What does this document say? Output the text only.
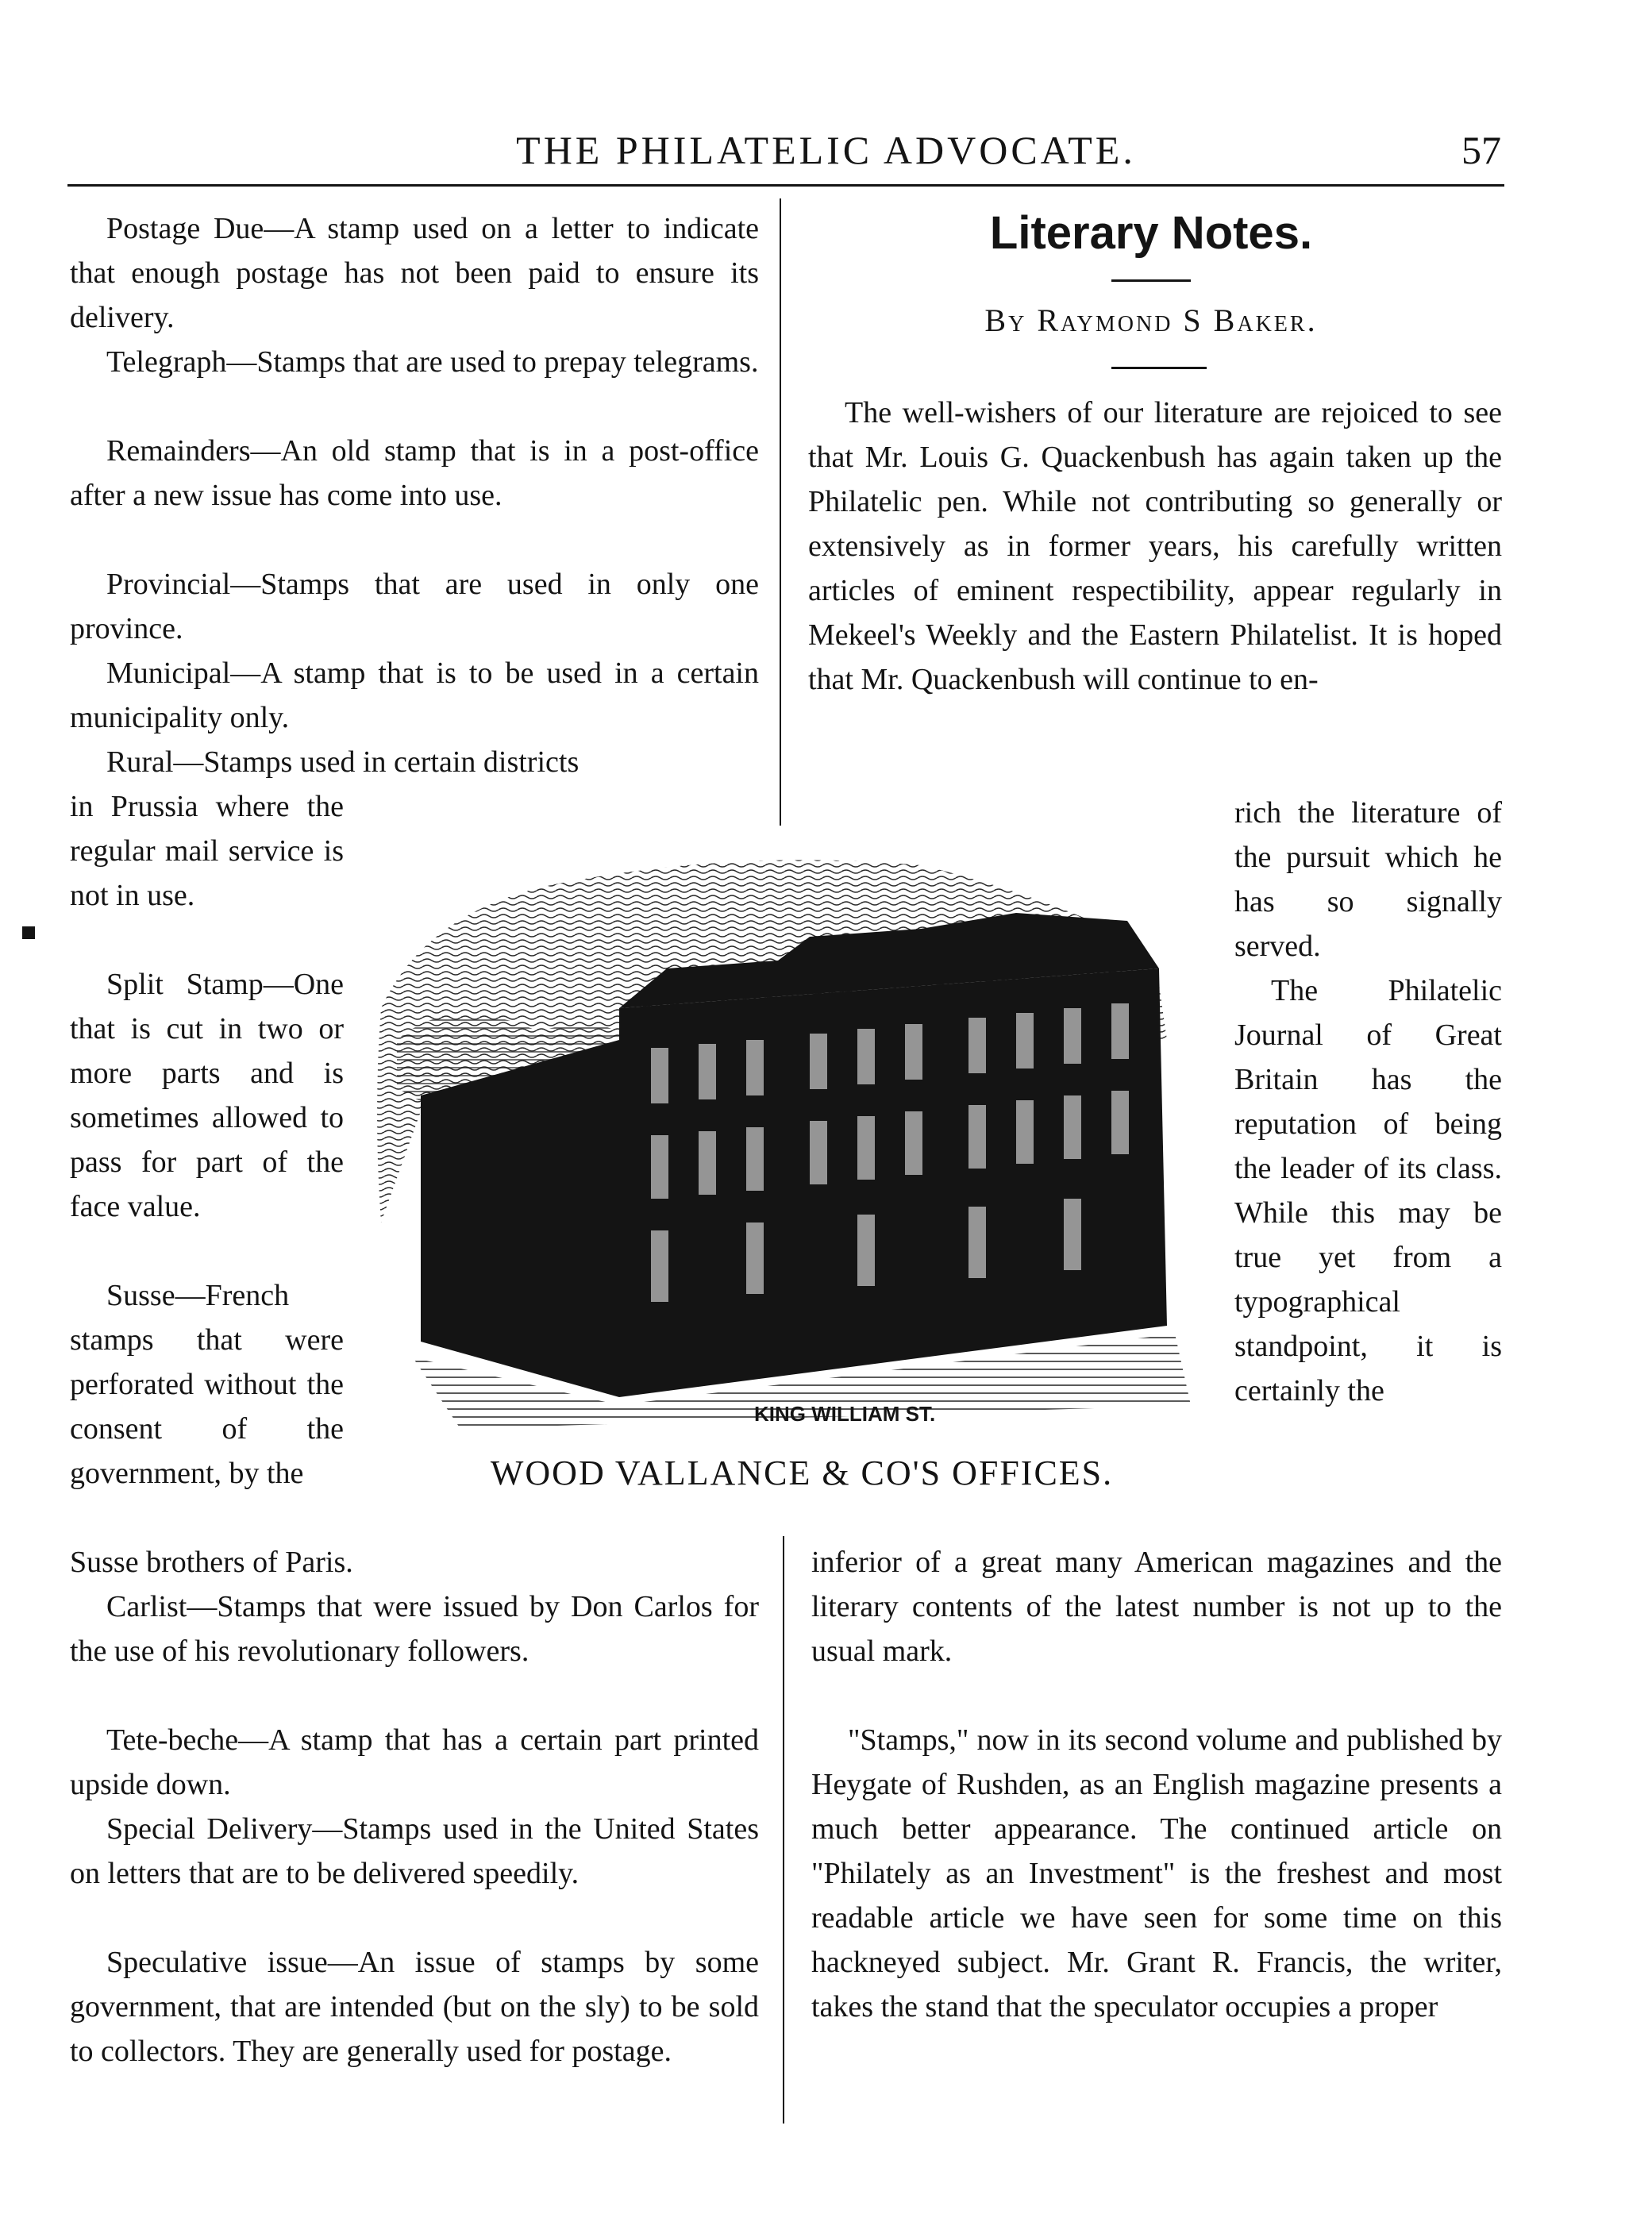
THE PHILATELIC ADVOCATE.	57

Postage Due—A stamp used on a letter to indicate that enough postage has not been paid to ensure its delivery.

Telegraph—Stamps that are used to prepay telegrams.

Remainders—An old stamp that is in a post-office after a new issue has come into use.

Provincial—Stamps that are used in only one province.

Municipal—A stamp that is to be used in a certain municipality only.

Rural—Stamps used in certain districts

in Prussia where the regular mail service is not in use.

Split Stamp—One that is cut in two or more parts and is sometimes allowed to pass for part of the face value.

Susse—French stamps that were perforated without the consent of the government, by the

Susse brothers of Paris.

Carlist—Stamps that were issued by Don Carlos for the use of his revolutionary followers.

Tete-beche—A stamp that has a certain part printed upside down.

Special Delivery—Stamps used in the United States on letters that are to be delivered speedily.

Speculative issue—An issue of stamps by some government, that are intended (but on the sly) to be sold to collectors. They are generally used for postage.

Literary Notes.
By Raymond S Baker.

The well-wishers of our literature are rejoiced to see that Mr. Louis G. Quackenbush has again taken up the Philatelic pen. While not contributing so generally or extensively as in former years, his carefully written articles of eminent respectibility, appear regularly in Mekeel's Weekly and the Eastern Philatelist. It is hoped that Mr. Quackenbush will continue to en-

rich the literature of the pursuit which he has so signally served.

The Philatelic Journal of Great Britain has the reputation of being the leader of its class. While this may be true yet from a typographical standpoint, it is certainly the

inferior of a great many American magazines and the literary contents of the latest number is not up to the usual mark.

"Stamps," now in its second volume and published by Heygate of Rushden, as an English magazine presents a much better appearance. The continued article on "Philately as an Investment" is the freshest and most readable article we have seen for some time on this hackneyed subject. Mr. Grant R. Francis, the writer, takes the stand that the speculator occupies a proper

KING WILLIAM ST.
WOOD VALLANCE & CO'S OFFICES.
